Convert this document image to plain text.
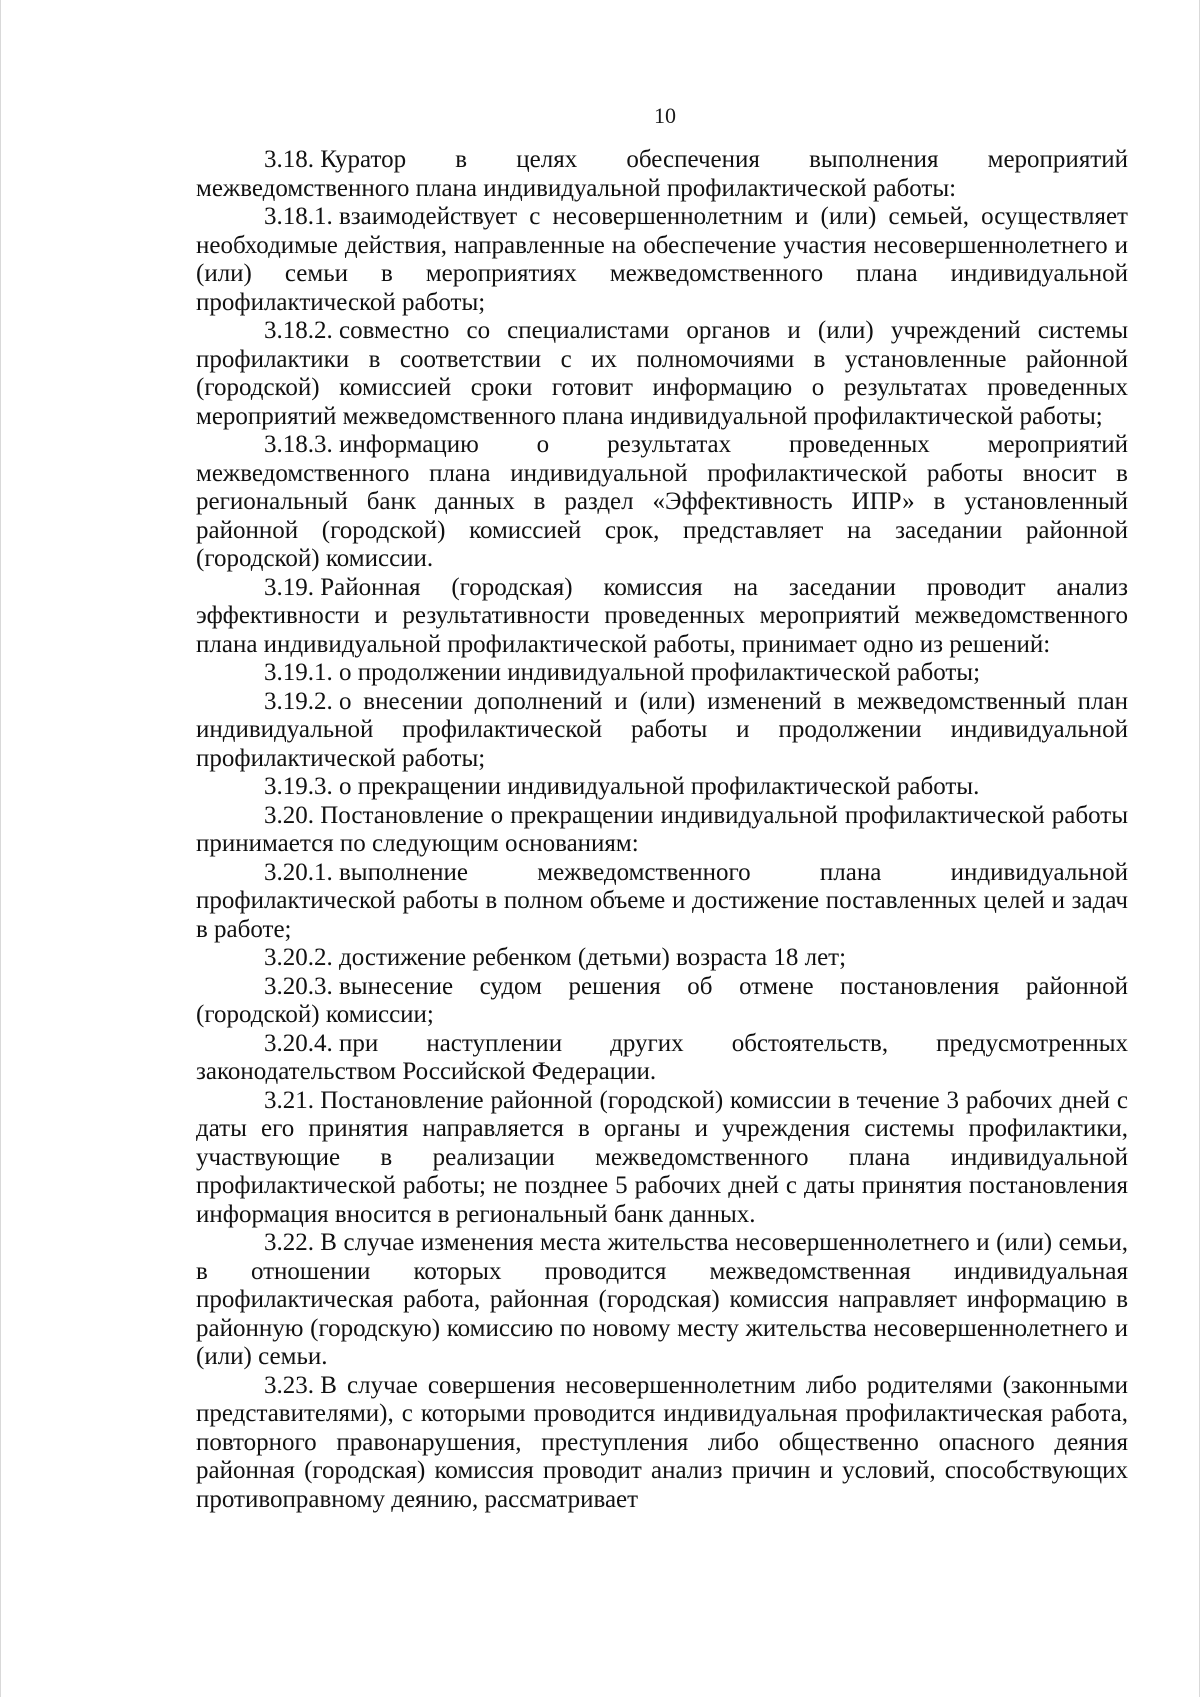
10

3.18. Куратор в целях обеспечения выполнения мероприятий межведомственного плана индивидуальной профилактической работы:

3.18.1. взаимодействует с несовершеннолетним и (или) семьей, осуществляет необходимые действия, направленные на обеспечение участия несовершеннолетнего и (или) семьи в мероприятиях межведомственного плана индивидуальной профилактической работы;

3.18.2. совместно со специалистами органов и (или) учреждений системы профилактики в соответствии с их полномочиями в установленные районной (городской) комиссией сроки готовит информацию о результатах проведенных мероприятий межведомственного плана индивидуальной профилактической работы;

3.18.3. информацию о результатах проведенных мероприятий межведомственного плана индивидуальной профилактической работы вносит в региональный банк данных в раздел «Эффективность ИПР» в установленный районной (городской) комиссией срок, представляет на заседании районной (городской) комиссии.

3.19. Районная (городская) комиссия на заседании проводит анализ эффективности и результативности проведенных мероприятий межведомственного плана индивидуальной профилактической работы, принимает одно из решений:

3.19.1. о продолжении индивидуальной профилактической работы;

3.19.2. о внесении дополнений и (или) изменений в межведомственный план индивидуальной профилактической работы и продолжении индивидуальной профилактической работы;

3.19.3. о прекращении индивидуальной профилактической работы.

3.20. Постановление о прекращении индивидуальной профилактической работы принимается по следующим основаниям:

3.20.1. выполнение межведомственного плана индивидуальной профилактической работы в полном объеме и достижение поставленных целей и задач в работе;

3.20.2. достижение ребенком (детьми) возраста 18 лет;

3.20.3. вынесение судом решения об отмене постановления районной (городской) комиссии;

3.20.4. при наступлении других обстоятельств, предусмотренных законодательством Российской Федерации.

3.21. Постановление районной (городской) комиссии в течение 3 рабочих дней с даты его принятия направляется в органы и учреждения системы профилактики, участвующие в реализации межведомственного плана индивидуальной профилактической работы; не позднее 5 рабочих дней с даты принятия постановления информация вносится в региональный банк данных.

3.22. В случае изменения места жительства несовершеннолетнего и (или) семьи, в отношении которых проводится межведомственная индивидуальная профилактическая работа, районная (городская) комиссия направляет информацию в районную (городскую) комиссию по новому месту жительства несовершеннолетнего и (или) семьи.

3.23. В случае совершения несовершеннолетним либо родителями (законными представителями), с которыми проводится индивидуальная профилактическая работа, повторного правонарушения, преступления либо общественно опасного деяния районная (городская) комиссия проводит анализ причин и условий, способствующих противоправному деянию, рассматривает
